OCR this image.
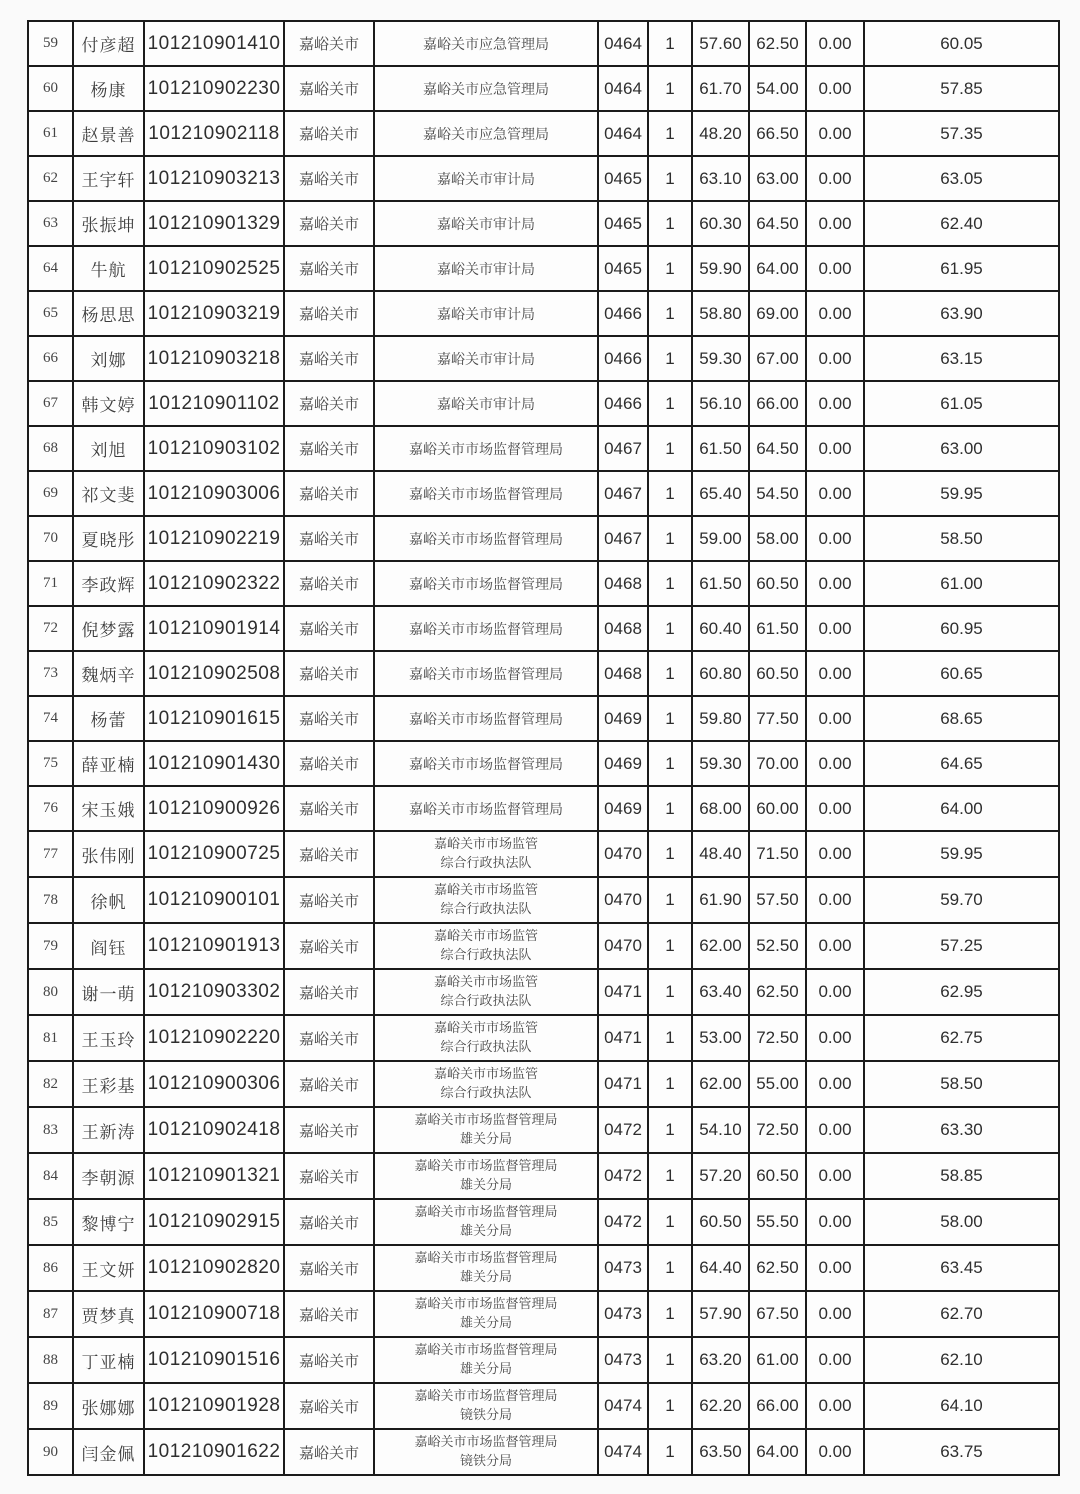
59	付彦超	101210901410	嘉峪关市	嘉峪关市应急管理局	0464	1	57.60	62.50	0.00	60.05
60	杨康	101210902230	嘉峪关市	嘉峪关市应急管理局	0464	1	61.70	54.00	0.00	57.85
61	赵景善	101210902118	嘉峪关市	嘉峪关市应急管理局	0464	1	48.20	66.50	0.00	57.35
62	王宇轩	101210903213	嘉峪关市	嘉峪关市审计局	0465	1	63.10	63.00	0.00	63.05
63	张振坤	101210901329	嘉峪关市	嘉峪关市审计局	0465	1	60.30	64.50	0.00	62.40
64	牛航	101210902525	嘉峪关市	嘉峪关市审计局	0465	1	59.90	64.00	0.00	61.95
65	杨思思	101210903219	嘉峪关市	嘉峪关市审计局	0466	1	58.80	69.00	0.00	63.90
66	刘娜	101210903218	嘉峪关市	嘉峪关市审计局	0466	1	59.30	67.00	0.00	63.15
67	韩文婷	101210901102	嘉峪关市	嘉峪关市审计局	0466	1	56.10	66.00	0.00	61.05
68	刘旭	101210903102	嘉峪关市	嘉峪关市市场监督管理局	0467	1	61.50	64.50	0.00	63.00
69	祁文斐	101210903006	嘉峪关市	嘉峪关市市场监督管理局	0467	1	65.40	54.50	0.00	59.95
70	夏晓彤	101210902219	嘉峪关市	嘉峪关市市场监督管理局	0467	1	59.00	58.00	0.00	58.50
71	李政辉	101210902322	嘉峪关市	嘉峪关市市场监督管理局	0468	1	61.50	60.50	0.00	61.00
72	倪梦露	101210901914	嘉峪关市	嘉峪关市市场监督管理局	0468	1	60.40	61.50	0.00	60.95
73	魏炳辛	101210902508	嘉峪关市	嘉峪关市市场监督管理局	0468	1	60.80	60.50	0.00	60.65
74	杨蕾	101210901615	嘉峪关市	嘉峪关市市场监督管理局	0469	1	59.80	77.50	0.00	68.65
75	薛亚楠	101210901430	嘉峪关市	嘉峪关市市场监督管理局	0469	1	59.30	70.00	0.00	64.65
76	宋玉娥	101210900926	嘉峪关市	嘉峪关市市场监督管理局	0469	1	68.00	60.00	0.00	64.00
77	张伟刚	101210900725	嘉峪关市	嘉峪关市市场监管
综合行政执法队	0470	1	48.40	71.50	0.00	59.95
78	徐帆	101210900101	嘉峪关市	嘉峪关市市场监管
综合行政执法队	0470	1	61.90	57.50	0.00	59.70
79	阎钰	101210901913	嘉峪关市	嘉峪关市市场监管
综合行政执法队	0470	1	62.00	52.50	0.00	57.25
80	谢一萌	101210903302	嘉峪关市	嘉峪关市市场监管
综合行政执法队	0471	1	63.40	62.50	0.00	62.95
81	王玉玲	101210902220	嘉峪关市	嘉峪关市市场监管
综合行政执法队	0471	1	53.00	72.50	0.00	62.75
82	王彩基	101210900306	嘉峪关市	嘉峪关市市场监管
综合行政执法队	0471	1	62.00	55.00	0.00	58.50
83	王新涛	101210902418	嘉峪关市	嘉峪关市市场监督管理局
雄关分局	0472	1	54.10	72.50	0.00	63.30
84	李朝源	101210901321	嘉峪关市	嘉峪关市市场监督管理局
雄关分局	0472	1	57.20	60.50	0.00	58.85
85	黎博宁	101210902915	嘉峪关市	嘉峪关市市场监督管理局
雄关分局	0472	1	60.50	55.50	0.00	58.00
86	王文妍	101210902820	嘉峪关市	嘉峪关市市场监督管理局
雄关分局	0473	1	64.40	62.50	0.00	63.45
87	贾梦真	101210900718	嘉峪关市	嘉峪关市市场监督管理局
雄关分局	0473	1	57.90	67.50	0.00	62.70
88	丁亚楠	101210901516	嘉峪关市	嘉峪关市市场监督管理局
雄关分局	0473	1	63.20	61.00	0.00	62.10
89	张娜娜	101210901928	嘉峪关市	嘉峪关市市场监督管理局
镜铁分局	0474	1	62.20	66.00	0.00	64.10
90	闫金佩	101210901622	嘉峪关市	嘉峪关市市场监督管理局
镜铁分局	0474	1	63.50	64.00	0.00	63.75
